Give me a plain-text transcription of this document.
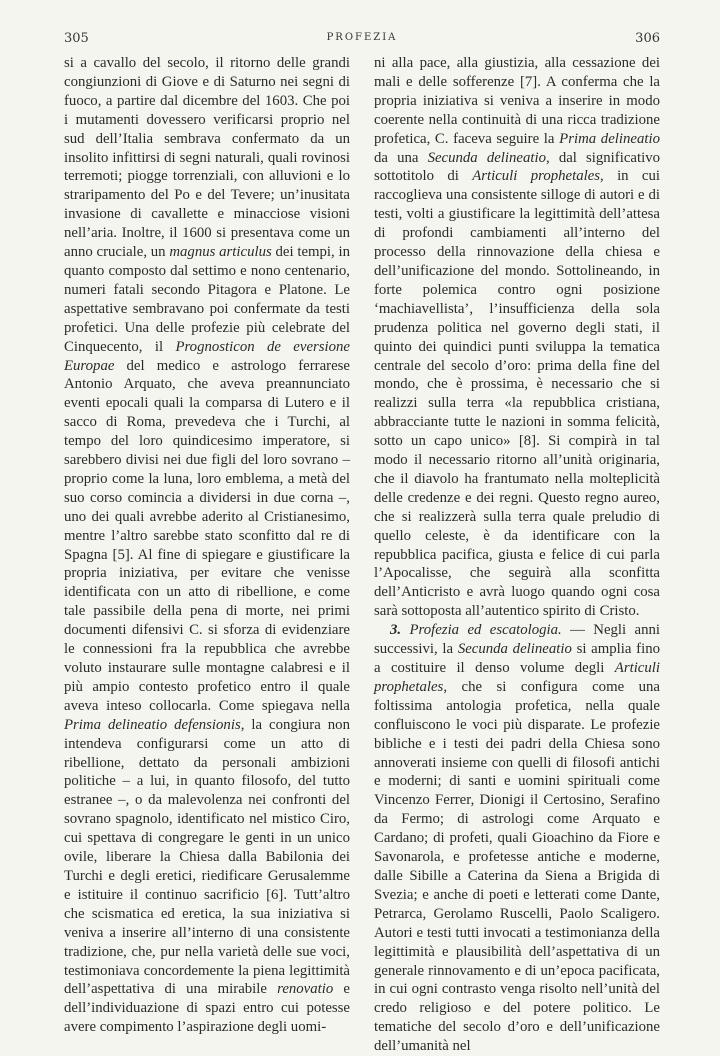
305	PROFEZIA	306

si a cavallo del secolo, il ritorno delle grandi congiunzioni di Giove e di Saturno nei segni di fuoco, a partire dal dicembre del 1603. Che poi i mutamenti dovessero verificarsi proprio nel sud dell’Italia sembrava confermato da un insolito infittirsi di segni naturali, quali rovinosi terremoti; piogge torrenziali, con alluvioni e lo straripamento del Po e del Tevere; un’inusitata invasione di cavallette e minacciose visioni nell’aria. Inoltre, il 1600 si presentava come un anno cruciale, un magnus articulus dei tempi, in quanto composto dal settimo e nono centenario, numeri fatali secondo Pitagora e Platone. Le aspettative sembravano poi confermate da testi profetici. Una delle profezie più celebrate del Cinquecento, il Prognosticon de eversione Europae del medico e astrologo ferrarese Antonio Arquato, che aveva preannunciato eventi epocali quali la comparsa di Lutero e il sacco di Roma, prevedeva che i Turchi, al tempo del loro quindicesimo imperatore, si sarebbero divisi nei due figli del loro sovrano – proprio come la luna, loro emblema, a metà del suo corso comincia a dividersi in due corna –, uno dei quali avrebbe aderito al Cristianesimo, mentre l’altro sarebbe stato sconfitto dal re di Spagna [5]. Al fine di spiegare e giustificare la propria iniziativa, per evitare che venisse identificata con un atto di ribellione, e come tale passibile della pena di morte, nei primi documenti difensivi C. si sforza di evidenziare le connessioni fra la repubblica che avrebbe voluto instaurare sulle montagne calabresi e il più ampio contesto profetico entro il quale aveva inteso collocarla. Come spiegava nella Prima delineatio defensionis, la congiura non intendeva configurarsi come un atto di ribellione, dettato da personali ambizioni politiche – a lui, in quanto filosofo, del tutto estranee –, o da malevolenza nei confronti del sovrano spagnolo, identificato nel mistico Ciro, cui spettava di congregare le genti in un unico ovile, liberare la Chiesa dalla Babilonia dei Turchi e degli eretici, riedificare Gerusalemme e istituire il continuo sacrificio [6]. Tutt’altro che scismatica ed eretica, la sua iniziativa si veniva a inserire all’interno di una consistente tradizione, che, pur nella varietà delle sue voci, testimoniava concordemente la piena legittimità dell’aspettativa di una mirabile renovatio e dell’individuazione di spazi entro cui potesse avere compimento l’aspirazione degli uomi-

ni alla pace, alla giustizia, alla cessazione dei mali e delle sofferenze [7]. A conferma che la propria iniziativa si veniva a inserire in modo coerente nella continuità di una ricca tradizione profetica, C. faceva seguire la Prima delineatio da una Secunda delineatio, dal significativo sottotitolo di Articuli prophetales, in cui raccoglieva una consistente silloge di autori e di testi, volti a giustificare la legittimità dell’attesa di profondi cambiamenti all’interno del processo della rinnovazione della chiesa e dell’unificazione del mondo. Sottolineando, in forte polemica contro ogni posizione ‘machiavellista’, l’insufficienza della sola prudenza politica nel governo degli stati, il quinto dei quindici punti sviluppa la tematica centrale del secolo d’oro: prima della fine del mondo, che è prossima, è necessario che si realizzi sulla terra «la repubblica cristiana, abbracciante tutte le nazioni in somma felicità, sotto un capo unico» [8]. Si compirà in tal modo il necessario ritorno all’unità originaria, che il diavolo ha frantumato nella molteplicità delle credenze e dei regni. Questo regno aureo, che si realizzerà sulla terra quale preludio di quello celeste, è da identificare con la repubblica pacifica, giusta e felice di cui parla l’Apocalisse, che seguirà alla sconfitta dell’Anticristo e avrà luogo quando ogni cosa sarà sottoposta all’autentico spirito di Cristo.

3. Profezia ed escatologia. — Negli anni successivi, la Secunda delineatio si amplia fino a costituire il denso volume degli Articuli prophetales, che si configura come una foltissima antologia profetica, nella quale confluiscono le voci più disparate. Le profezie bibliche e i testi dei padri della Chiesa sono annoverati insieme con quelli di filosofi antichi e moderni; di santi e uomini spirituali come Vincenzo Ferrer, Dionigi il Certosino, Serafino da Fermo; di astrologi come Arquato e Cardano; di profeti, quali Gioachino da Fiore e Savonarola, e profetesse antiche e moderne, dalle Sibille a Caterina da Siena a Brigida di Svezia; e anche di poeti e letterati come Dante, Petrarca, Gerolamo Ruscelli, Paolo Scaligero. Autori e testi tutti invocati a testimonianza della legittimità e plausibilità dell’aspettativa di un generale rinnovamento e di un’epoca pacificata, in cui ogni contrasto venga risolto nell’unità del credo religioso e del potere politico. Le tematiche del secolo d’oro e dell’unificazione dell’umanità nel
